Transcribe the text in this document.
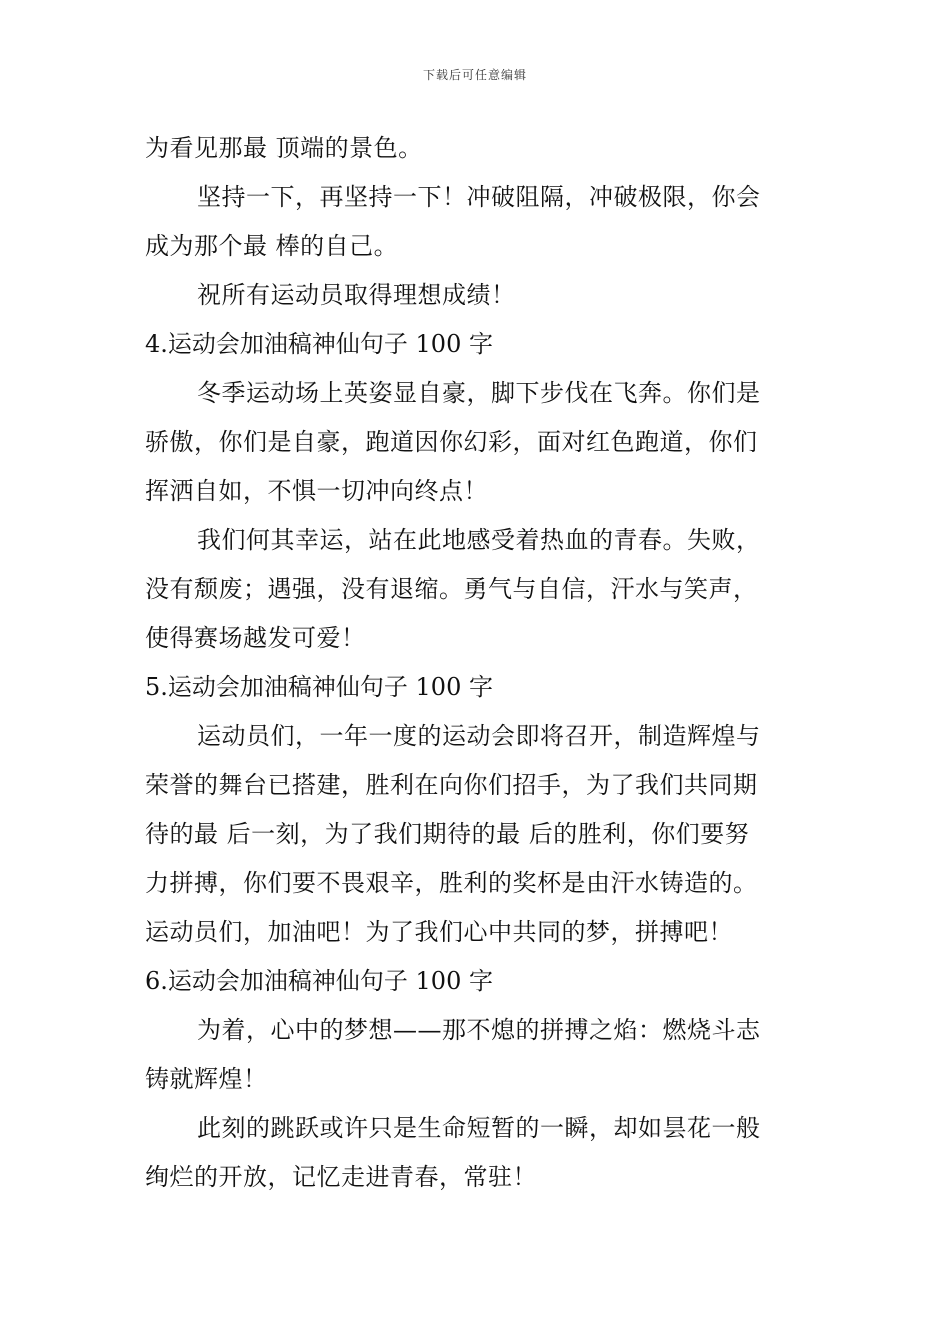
下载后可任意编辑
为看见那最 顶端的景色。
坚持一下，再坚持一下！冲破阻隔，冲破极限，你会
成为那个最 棒的自己。
祝所有运动员取得理想成绩！
4.运动会加油稿神仙句子 100 字
冬季运动场上英姿显自豪，脚下步伐在飞奔。你们是
骄傲，你们是自豪，跑道因你幻彩，面对红色跑道，你们
挥洒自如，不惧一切冲向终点！
我们何其幸运，站在此地感受着热血的青春。失败，
没有颓废；遇强，没有退缩。勇气与自信，汗水与笑声，
使得赛场越发可爱！
5.运动会加油稿神仙句子 100 字
运动员们，一年一度的运动会即将召开，制造辉煌与
荣誉的舞台已搭建，胜利在向你们招手，为了我们共同期
待的最 后一刻，为了我们期待的最 后的胜利，你们要努
力拼搏，你们要不畏艰辛，胜利的奖杯是由汗水铸造的。
运动员们，加油吧！为了我们心中共同的梦，拼搏吧！
6.运动会加油稿神仙句子 100 字
为着，心中的梦想——那不熄的拼搏之焰：燃烧斗志
铸就辉煌！
此刻的跳跃或许只是生命短暂的一瞬，却如昙花一般
绚烂的开放，记忆走进青春，常驻！
